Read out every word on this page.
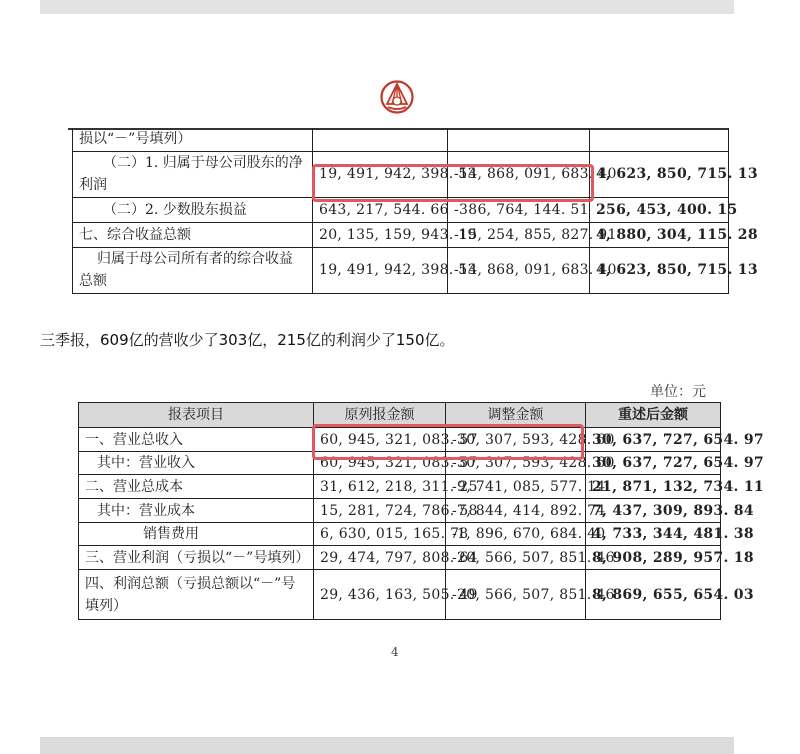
损以“－”号填列）			
（二）1. 归属于母公司股东的净利润	19, 491, 942, 398. 53	-14, 868, 091, 683. 40	4, 623, 850, 715. 13
（二）2. 少数股东损益	643, 217, 544. 66	-386, 764, 144. 51	256, 453, 400. 15
七、综合收益总额	20, 135, 159, 943. 19	-15, 254, 855, 827. 91	4, 880, 304, 115. 28
归属于母公司所有者的综合收益总额	19, 491, 942, 398. 53	-14, 868, 091, 683. 40	4, 623, 850, 715. 13
三季报，609亿的营收少了303亿，215亿的利润少了150亿。
单位：元
报表项目	原列报金额	调整金额	重述后金额
一、营业总收入	60, 945, 321, 083. 57	-30, 307, 593, 428. 60	30, 637, 727, 654. 97
其中：营业收入	60, 945, 321, 083. 57	-30, 307, 593, 428. 60	30, 637, 727, 654. 97
二、营业总成本	31, 612, 218, 311. 25	-9, 741, 085, 577. 14	21, 871, 132, 734. 11
其中：营业成本	15, 281, 724, 786. 58	-7, 844, 414, 892. 74	7, 437, 309, 893. 84
销售费用	6, 630, 015, 165. 78	-1, 896, 670, 684. 40	4, 733, 344, 481. 38
三、营业利润（亏损以“－”号填列）	29, 474, 797, 808. 64	-20, 566, 507, 851. 46	8, 908, 289, 957. 18
四、利润总额（亏损总额以“－”号填列）	29, 436, 163, 505. 49	-20, 566, 507, 851. 46	8, 869, 655, 654. 03
4
